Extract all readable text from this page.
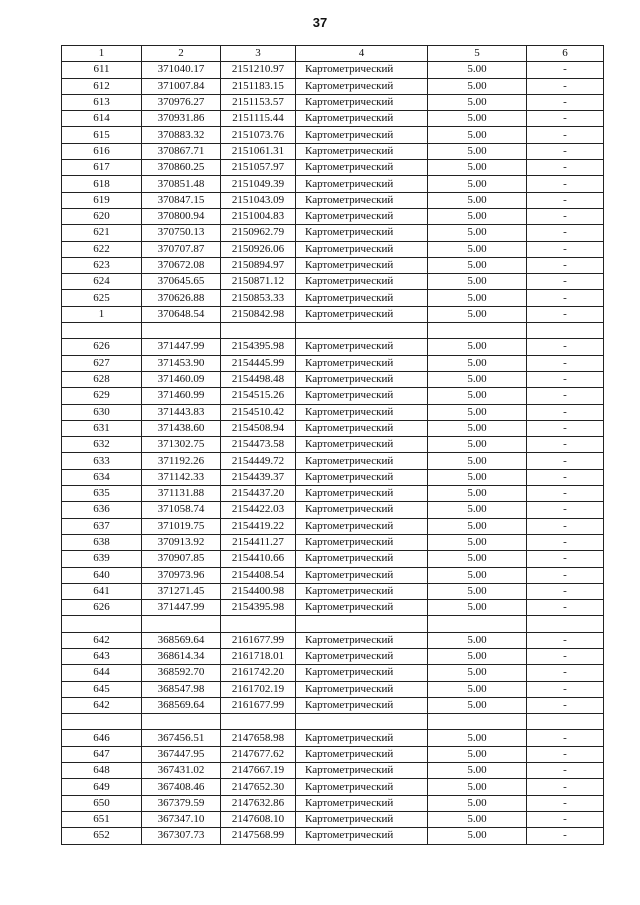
37
1	2	3	4	5	6
611	371040.17	2151210.97	Картометрический	5.00	-
612	371007.84	2151183.15	Картометрический	5.00	-
613	370976.27	2151153.57	Картометрический	5.00	-
614	370931.86	2151115.44	Картометрический	5.00	-
615	370883.32	2151073.76	Картометрический	5.00	-
616	370867.71	2151061.31	Картометрический	5.00	-
617	370860.25	2151057.97	Картометрический	5.00	-
618	370851.48	2151049.39	Картометрический	5.00	-
619	370847.15	2151043.09	Картометрический	5.00	-
620	370800.94	2151004.83	Картометрический	5.00	-
621	370750.13	2150962.79	Картометрический	5.00	-
622	370707.87	2150926.06	Картометрический	5.00	-
623	370672.08	2150894.97	Картометрический	5.00	-
624	370645.65	2150871.12	Картометрический	5.00	-
625	370626.88	2150853.33	Картометрический	5.00	-
1	370648.54	2150842.98	Картометрический	5.00	-

626	371447.99	2154395.98	Картометрический	5.00	-
627	371453.90	2154445.99	Картометрический	5.00	-
628	371460.09	2154498.48	Картометрический	5.00	-
629	371460.99	2154515.26	Картометрический	5.00	-
630	371443.83	2154510.42	Картометрический	5.00	-
631	371438.60	2154508.94	Картометрический	5.00	-
632	371302.75	2154473.58	Картометрический	5.00	-
633	371192.26	2154449.72	Картометрический	5.00	-
634	371142.33	2154439.37	Картометрический	5.00	-
635	371131.88	2154437.20	Картометрический	5.00	-
636	371058.74	2154422.03	Картометрический	5.00	-
637	371019.75	2154419.22	Картометрический	5.00	-
638	370913.92	2154411.27	Картометрический	5.00	-
639	370907.85	2154410.66	Картометрический	5.00	-
640	370973.96	2154408.54	Картометрический	5.00	-
641	371271.45	2154400.98	Картометрический	5.00	-
626	371447.99	2154395.98	Картометрический	5.00	-

642	368569.64	2161677.99	Картометрический	5.00	-
643	368614.34	2161718.01	Картометрический	5.00	-
644	368592.70	2161742.20	Картометрический	5.00	-
645	368547.98	2161702.19	Картометрический	5.00	-
642	368569.64	2161677.99	Картометрический	5.00	-

646	367456.51	2147658.98	Картометрический	5.00	-
647	367447.95	2147677.62	Картометрический	5.00	-
648	367431.02	2147667.19	Картометрический	5.00	-
649	367408.46	2147652.30	Картометрический	5.00	-
650	367379.59	2147632.86	Картометрический	5.00	-
651	367347.10	2147608.10	Картометрический	5.00	-
652	367307.73	2147568.99	Картометрический	5.00	-
